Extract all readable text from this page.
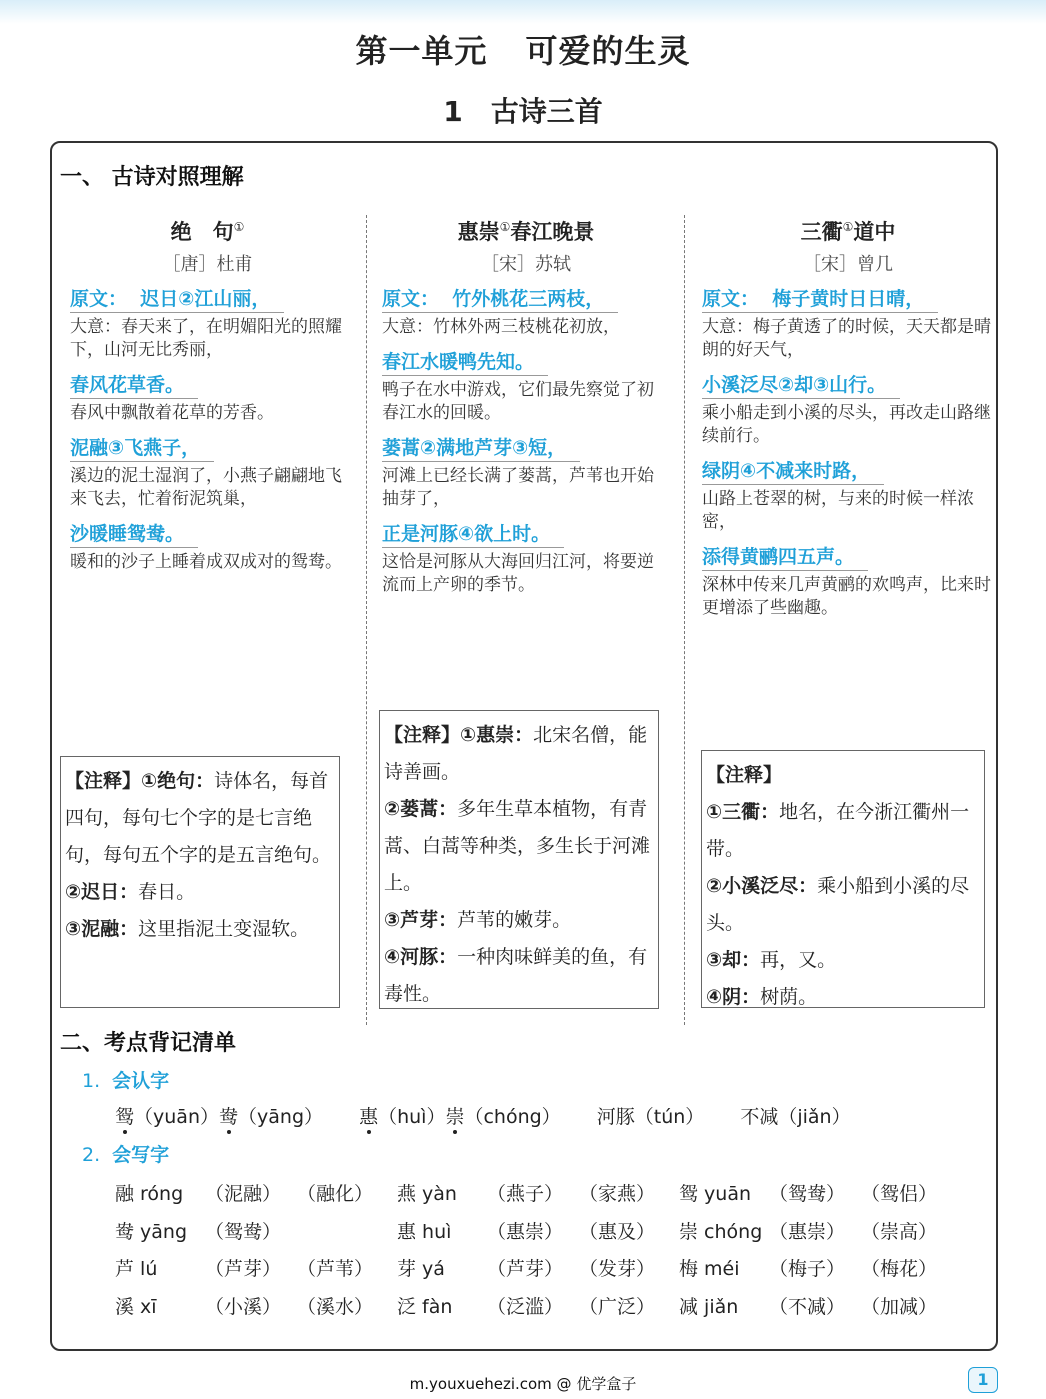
第一单元 可爱的生灵
1 古诗三首
一、 古诗对照理解
绝　句①
［唐］杜甫
原文： 迟日②江山丽，
大意：春天来了，在明媚阳光的照耀下，山河无比秀丽，
春风花草香。
春风中飘散着花草的芳香。
泥融③飞燕子，
溪边的泥土湿润了，小燕子翩翩地飞来飞去，忙着衔泥筑巢，
沙暖睡鸳鸯。
暖和的沙子上睡着成双成对的鸳鸯。
惠崇①春江晚景
［宋］苏轼
原文： 竹外桃花三两枝，
大意：竹林外两三枝桃花初放，
春江水暖鸭先知。
鸭子在水中游戏，它们最先察觉了初春江水的回暖。
蒌蒿②满地芦芽③短，
河滩上已经长满了蒌蒿，芦苇也开始抽芽了，
正是河豚④欲上时。
这恰是河豚从大海回归江河，将要逆流而上产卵的季节。
三衢①道中
［宋］曾几
原文： 梅子黄时日日晴，
大意：梅子黄透了的时候，天天都是晴朗的好天气，
小溪泛尽②却③山行。
乘小船走到小溪的尽头，再改走山路继续前行。
绿阴④不减来时路，
山路上苍翠的树，与来的时候一样浓密，
添得黄鹂四五声。
深林中传来几声黄鹂的欢鸣声，比来时更增添了些幽趣。
【注释】①绝句：诗体名，每首四句，每句七个字的是七言绝句，每句五个字的是五言绝句。
②迟日：春日。
③泥融：这里指泥土变湿软。
【注释】①惠崇：北宋名僧，能诗善画。
②蒌蒿：多年生草本植物，有青蒿、白蒿等种类，多生长于河滩上。
③芦芽：芦苇的嫩芽。
④河豚：一种肉味鲜美的鱼，有毒性。
【注释】
①三衢：地名，在今浙江衢州一带。
②小溪泛尽：乘小船到小溪的尽头。
③却：再，又。
④阴：树荫。
二、考点背记清单
1. 会认字
鸳（yuān）鸯（yāng） 惠（huì）崇（chóng） 河豚（tún） 不减（jiǎn）
2. 会写字
融 róng	（泥融）	（融化）	燕 yàn	（燕子）	（家燕）	鸳 yuān	（鸳鸯）	（鸳侣）
鸯 yāng	（鸳鸯）		惠 huì	（惠崇）	（惠及）	崇 chóng	（惠崇）	（崇高）
芦 lú	（芦芽）	（芦苇）	芽 yá	（芦芽）	（发芽）	梅 méi	（梅子）	（梅花）
溪 xī	（小溪）	（溪水）	泛 fàn	（泛滥）	（广泛）	减 jiǎn	（不减）	（加减）
m.youxuehezi.com @ 优学盒子	1
